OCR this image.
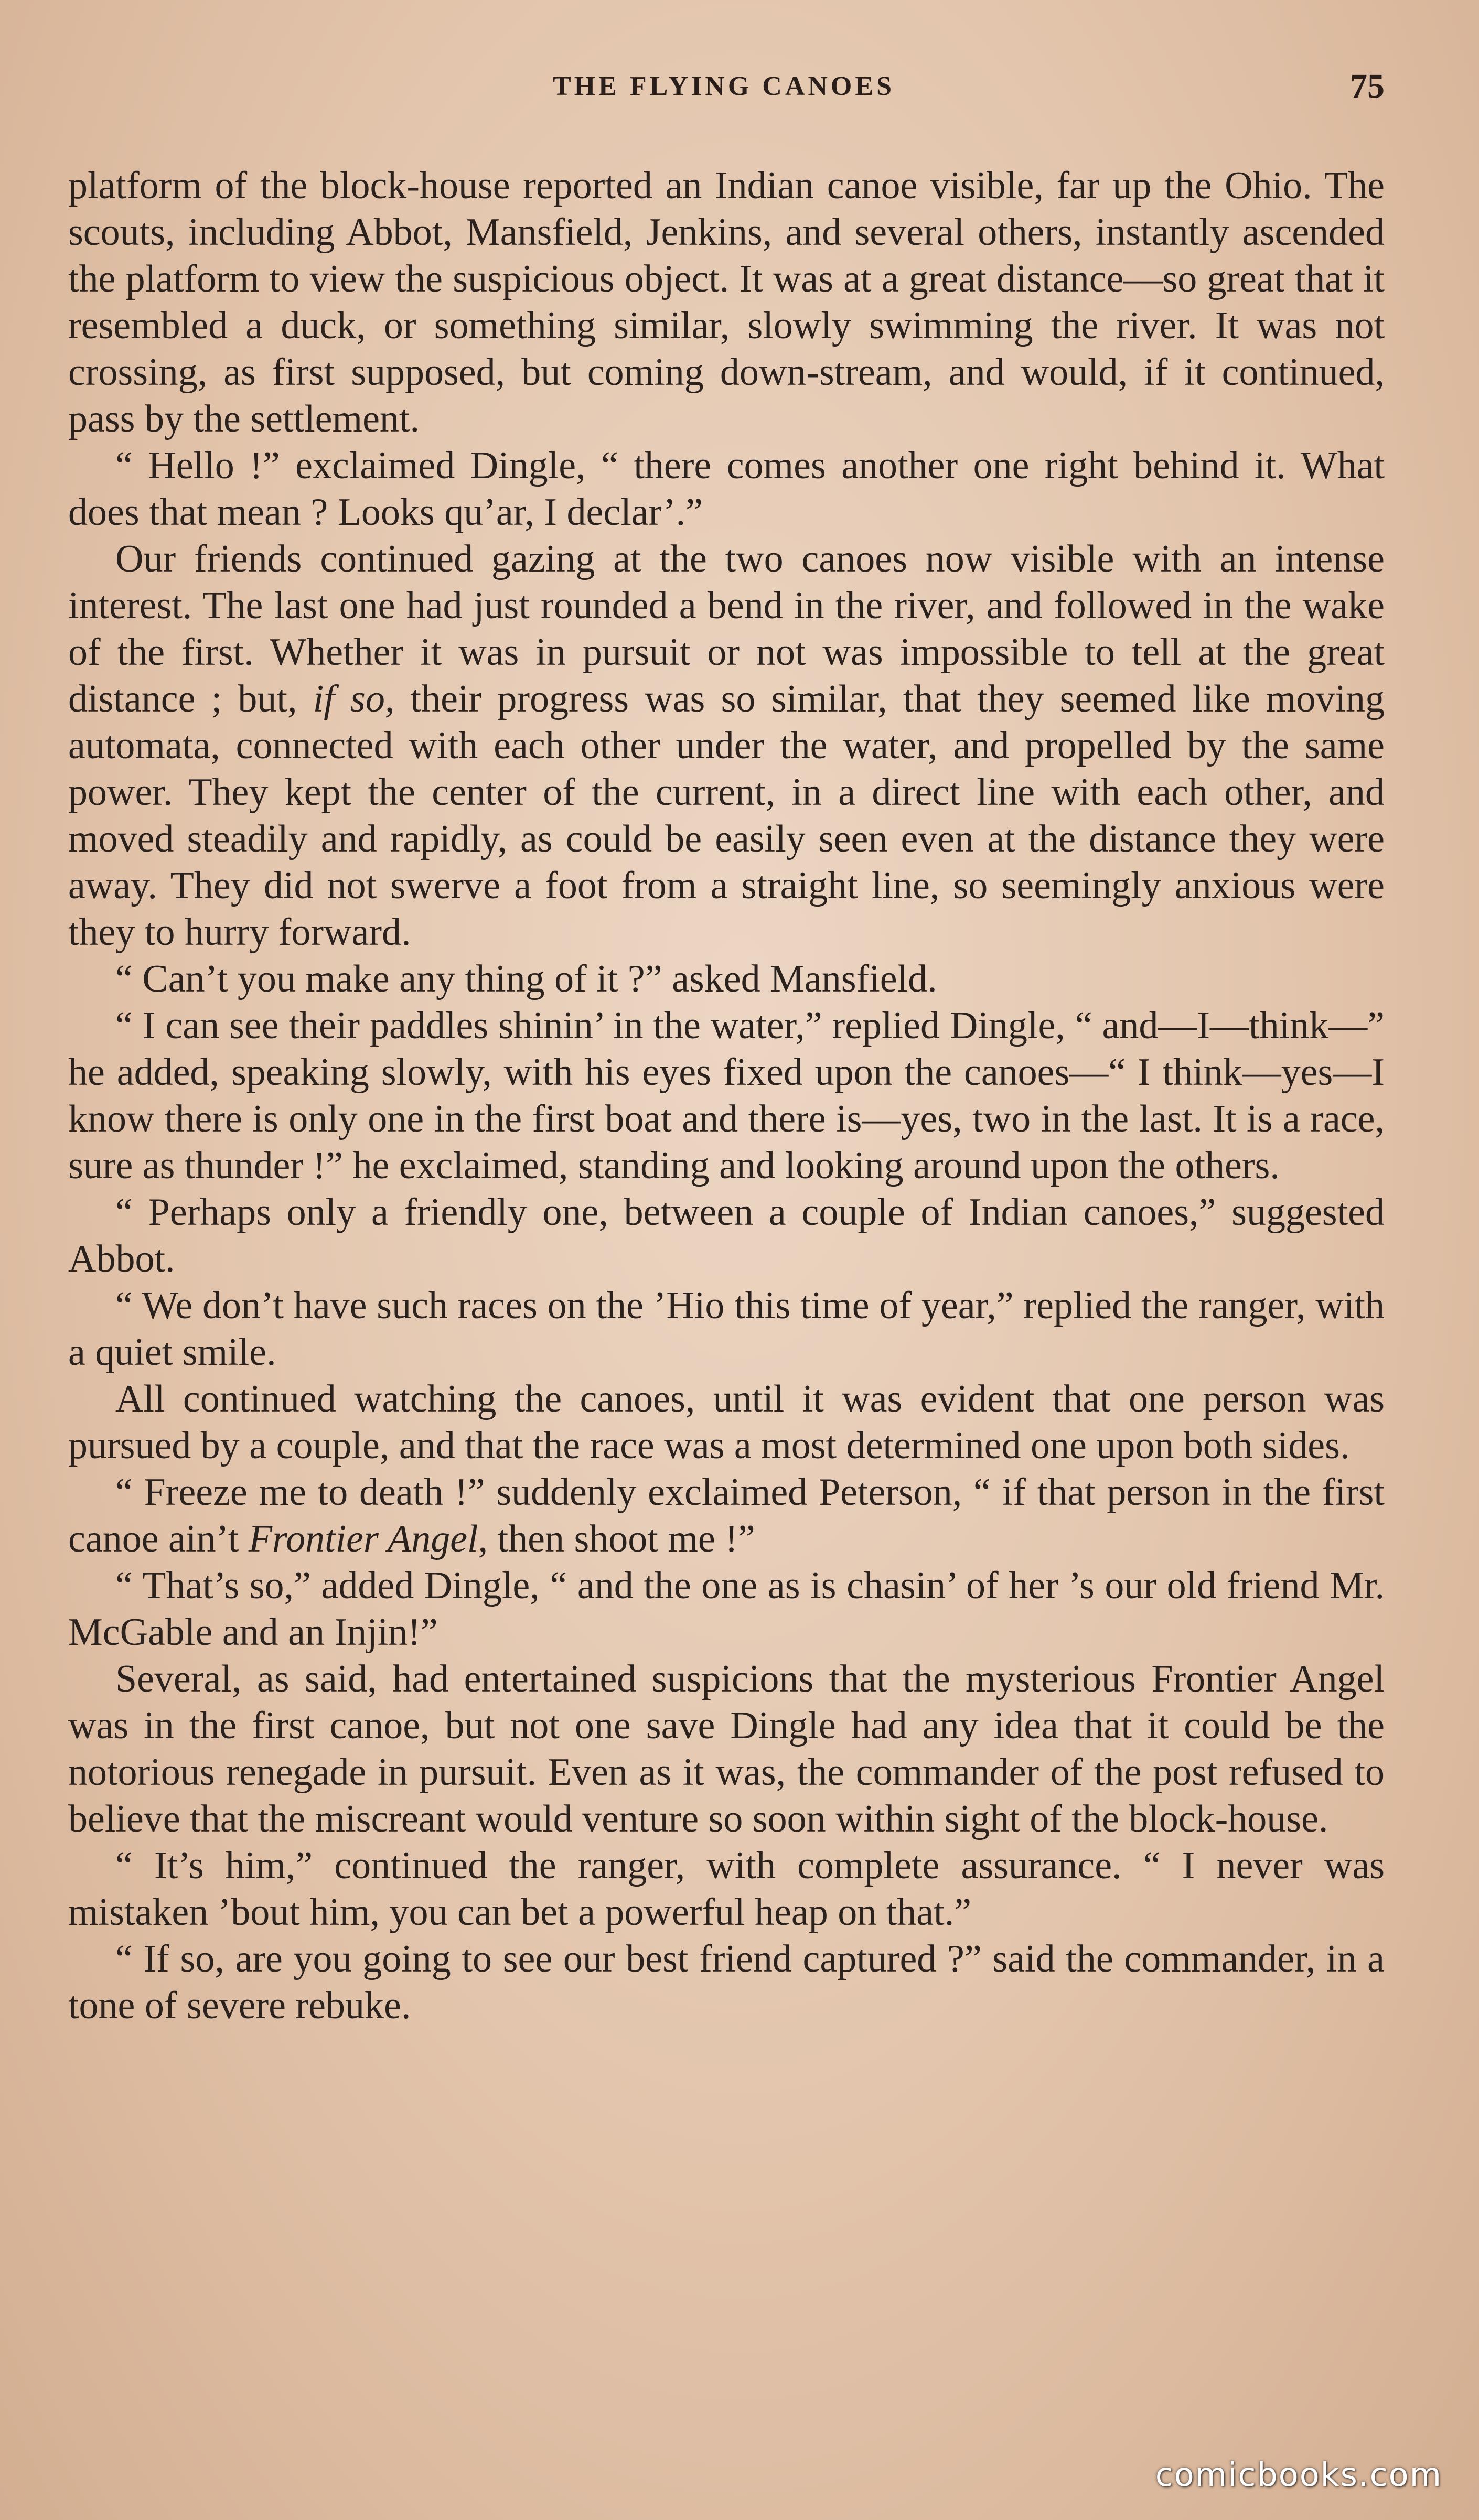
THE FLYING CANOES	75

platform of the block-house reported an Indian canoe visible, far up the Ohio. The scouts, including Abbot, Mansfield, Jenkins, and several others, instantly ascended the platform to view the suspicious object. It was at a great distance—so great that it resembled a duck, or something similar, slowly swimming the river. It was not crossing, as first supposed, but coming down-stream, and would, if it continued, pass by the settlement.

“ Hello !” exclaimed Dingle, “ there comes another one right behind it. What does that mean ? Looks qu’ar, I declar’.”

Our friends continued gazing at the two canoes now visible with an intense interest. The last one had just rounded a bend in the river, and followed in the wake of the first. Whether it was in pursuit or not was impossible to tell at the great distance ; but, if so, their progress was so similar, that they seemed like moving automata, connected with each other under the water, and propelled by the same power. They kept the center of the current, in a direct line with each other, and moved steadily and rapidly, as could be easily seen even at the distance they were away. They did not swerve a foot from a straight line, so seemingly anxious were they to hurry forward.

“ Can’t you make any thing of it ?” asked Mansfield.

“ I can see their paddles shinin’ in the water,” replied Dingle, “ and—I—think—” he added, speaking slowly, with his eyes fixed upon the canoes—“ I think—yes—I know there is only one in the first boat and there is—yes, two in the last. It is a race, sure as thunder !” he exclaimed, standing and looking around upon the others.

“ Perhaps only a friendly one, between a couple of Indian canoes,” suggested Abbot.

“ We don’t have such races on the ’Hio this time of year,” replied the ranger, with a quiet smile.

All continued watching the canoes, until it was evident that one person was pursued by a couple, and that the race was a most determined one upon both sides.

“ Freeze me to death !” suddenly exclaimed Peterson, “ if that person in the first canoe ain’t Frontier Angel, then shoot me !”

“ That’s so,” added Dingle, “ and the one as is chasin’ of her ’s our old friend Mr. McGable and an Injin!”

Several, as said, had entertained suspicions that the mysterious Frontier Angel was in the first canoe, but not one save Dingle had any idea that it could be the notorious renegade in pursuit. Even as it was, the commander of the post refused to believe that the miscreant would venture so soon within sight of the block-house.

“ It’s him,” continued the ranger, with complete assurance. “ I never was mistaken ’bout him, you can bet a powerful heap on that.”

“ If so, are you going to see our best friend captured ?” said the commander, in a tone of severe rebuke.

comicbooks.com
